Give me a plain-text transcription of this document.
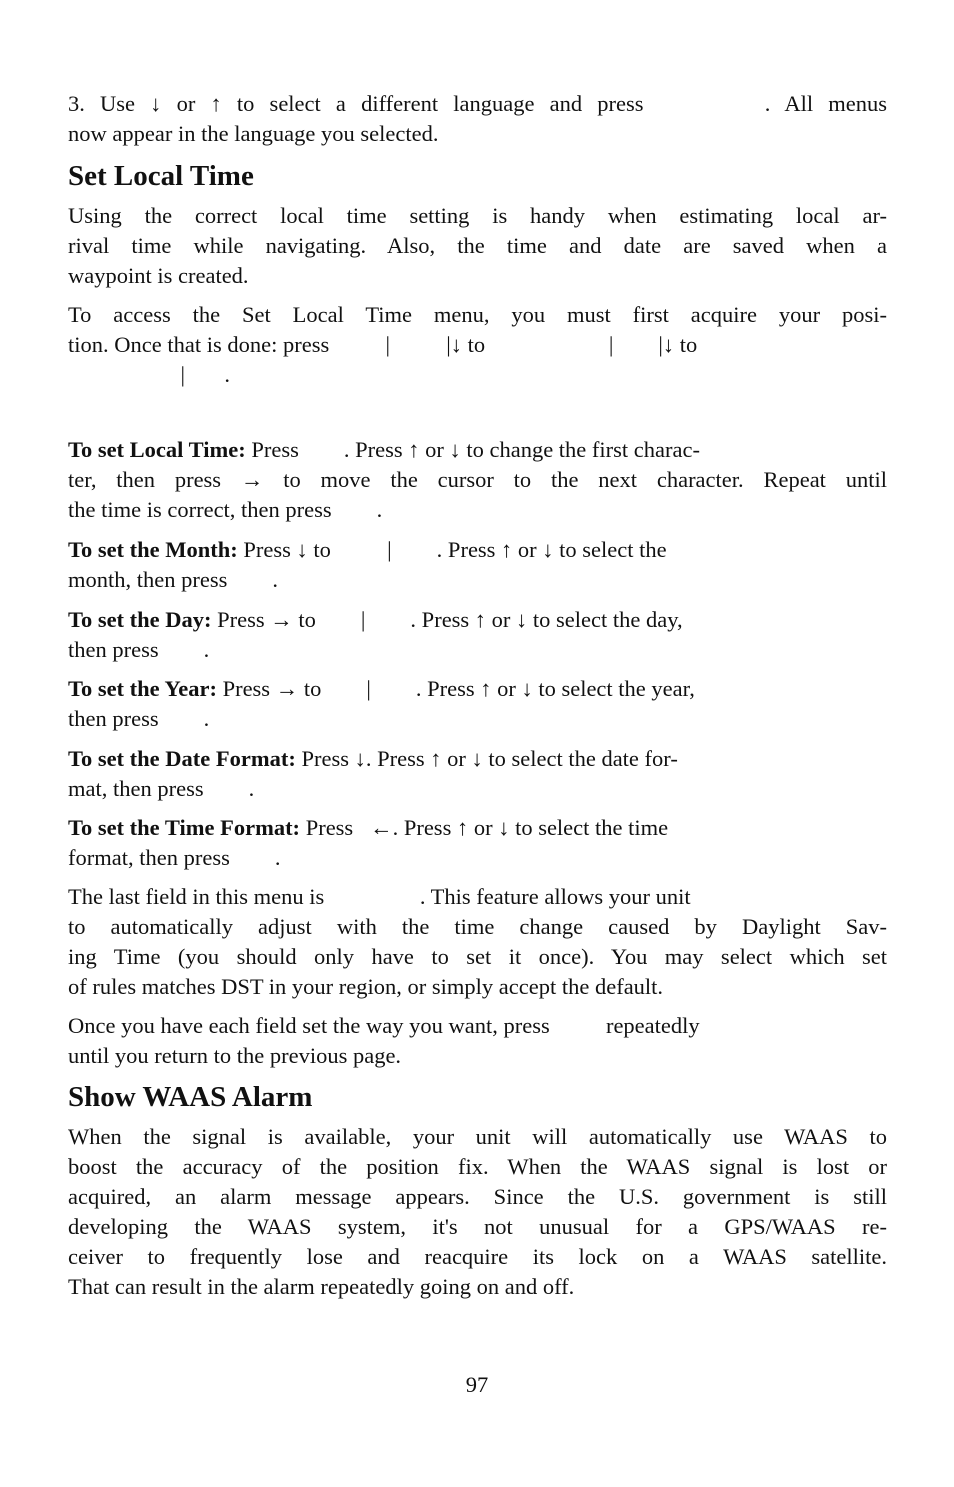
3. Use ↓ or ↑ to select a different language and press        . All menus
now appear in the language you selected.
Set Local Time
Using the correct local time setting is handy when estimating local ar-
rival time while navigating. Also, the time and date are saved when a
waypoint is created.
To access the Set Local Time menu, you must first acquire your posi-
tion. Once that is done: press          |          |↓ to                      |        |↓ to
|       .
To set Local Time: Press        . Press ↑ or ↓ to change the first charac-
ter, then press → to move the cursor to the next character. Repeat until
the time is correct, then press        .
To set the Month: Press ↓ to          |        . Press ↑ or ↓ to select the
month, then press        .
To set the Day: Press → to        |        . Press ↑ or ↓ to select the day,
then press        .
To set the Year: Press → to        |        . Press ↑ or ↓ to select the year,
then press        .
To set the Date Format: Press ↓. Press ↑ or ↓ to select the date for-
mat, then press        .
To set the Time Format: Press   ←. Press ↑ or ↓ to select the time
format, then press        .
The last field in this menu is                 . This feature allows your unit
to automatically adjust with the time change caused by Daylight Sav-
ing Time (you should only have to set it once). You may select which set
of rules matches DST in your region, or simply accept the default.
Once you have each field set the way you want, press          repeatedly
until you return to the previous page.
Show WAAS Alarm
When the signal is available, your unit will automatically use WAAS to
boost the accuracy of the position fix. When the WAAS signal is lost or
acquired, an alarm message appears. Since the U.S. government is still
developing the WAAS system, it's not unusual for a GPS/WAAS re-
ceiver to frequently lose and reacquire its lock on a WAAS satellite.
That can result in the alarm repeatedly going on and off.
97
